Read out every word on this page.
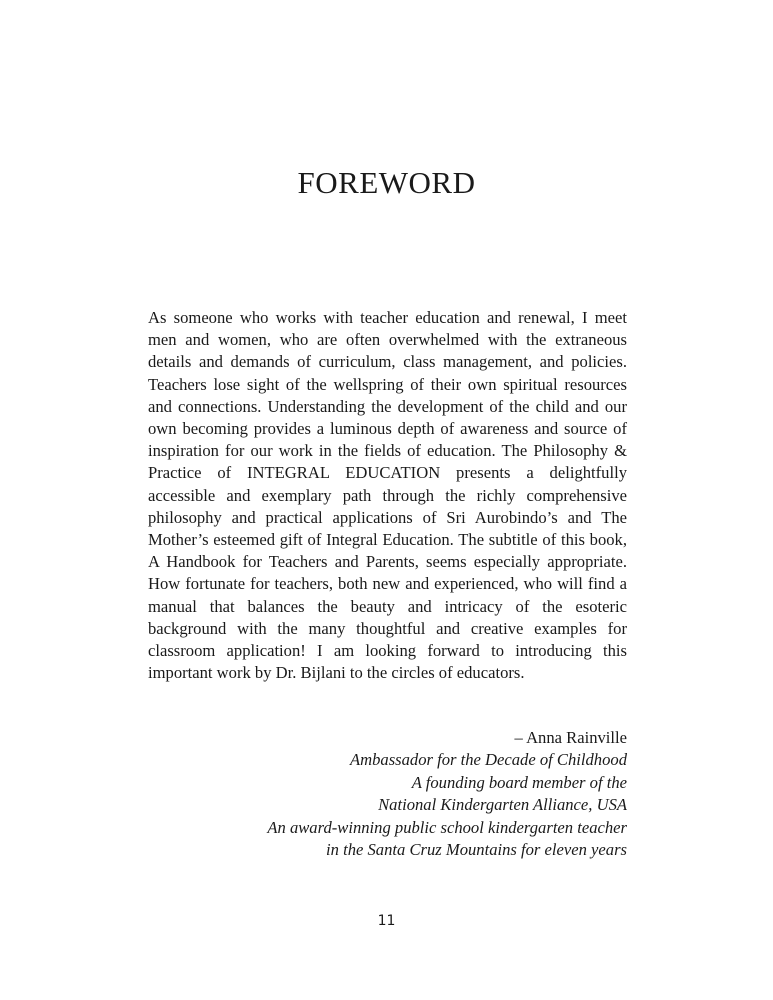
FOREWORD

As someone who works with teacher education and renewal, I meet men and women, who are often overwhelmed with the extraneous details and demands of curriculum, class management, and policies. Teachers lose sight of the wellspring of their own spiritual resources and connections. Understanding the development of the child and our own becoming provides a luminous depth of awareness and source of inspiration for our work in the fields of education. The Philosophy & Practice of INTEGRAL EDUCATION presents a delightfully accessible and exemplary path through the richly comprehensive philosophy and practical applications of Sri Aurobindo’s and The Mother’s esteemed gift of Integral Education. The subtitle of this book, A Handbook for Teachers and Parents, seems especially appropriate. How fortunate for teachers, both new and experienced, who will find a manual that balances the beauty and intricacy of the esoteric background with the many thoughtful and creative examples for classroom application! I am looking forward to introducing this important work by Dr. Bijlani to the circles of educators.

– Anna Rainville
Ambassador for the Decade of Childhood
A founding board member of the
National Kindergarten Alliance, USA
An award-winning public school kindergarten teacher
in the Santa Cruz Mountains for eleven years
11
